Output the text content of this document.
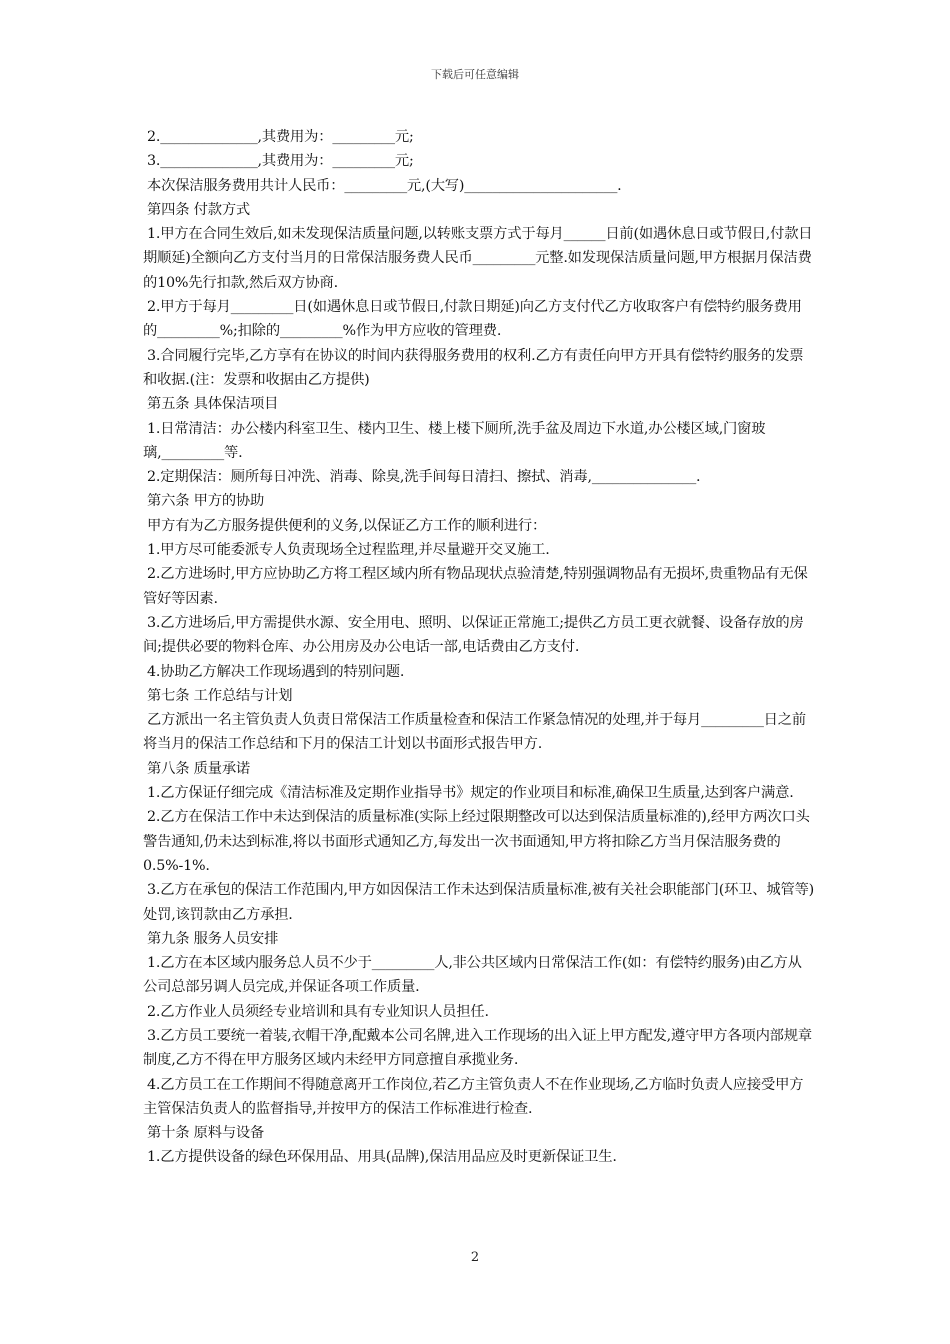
下载后可任意编辑

2.______________,其费用为：_________元;

3.______________,其费用为：_________元;

本次保洁服务费用共计人民币：_________元,(大写)______________________.

第四条 付款方式

1.甲方在合同生效后,如未发现保洁质量问题,以转账支票方式于每月______日前(如遇休息日或节假日,付款日期顺延)全额向乙方支付当月的日常保洁服务费人民币_________元整.如发现保洁质量问题,甲方根据月保洁费的10%先行扣款,然后双方协商.

2.甲方于每月_________日(如遇休息日或节假日,付款日期延)向乙方支付代乙方收取客户有偿特约服务费用的_________%;扣除的_________%作为甲方应收的管理费.

3.合同履行完毕,乙方享有在协议的时间内获得服务费用的权利.乙方有责任向甲方开具有偿特约服务的发票和收据.(注：发票和收据由乙方提供)

第五条 具体保洁项目

1.日常清洁：办公楼内科室卫生、楼内卫生、楼上楼下厕所,洗手盆及周边下水道,办公楼区域,门窗玻璃,_________等.

2.定期保洁：厕所每日冲洗、消毒、除臭,洗手间每日清扫、擦拭、消毒,_______________.

第六条 甲方的协助

甲方有为乙方服务提供便利的义务,以保证乙方工作的顺利进行：

1.甲方尽可能委派专人负责现场全过程监理,并尽量避开交叉施工.

2.乙方进场时,甲方应协助乙方将工程区域内所有物品现状点验清楚,特别强调物品有无损坏,贵重物品有无保管好等因素.

3.乙方进场后,甲方需提供水源、安全用电、照明、以保证正常施工;提供乙方员工更衣就餐、设备存放的房间;提供必要的物料仓库、办公用房及办公电话一部,电话费由乙方支付.

4.协助乙方解决工作现场遇到的特别问题.

第七条 工作总结与计划

乙方派出一名主管负责人负责日常保洁工作质量检查和保洁工作紧急情况的处理,并于每月_________日之前将当月的保洁工作总结和下月的保洁工计划以书面形式报告甲方.

第八条 质量承诺

1.乙方保证仔细完成《清洁标准及定期作业指导书》规定的作业项目和标准,确保卫生质量,达到客户满意.

2.乙方在保洁工作中未达到保洁的质量标准(实际上经过限期整改可以达到保洁质量标准的),经甲方两次口头警告通知,仍未达到标准,将以书面形式通知乙方,每发出一次书面通知,甲方将扣除乙方当月保洁服务费的0.5%-1%.

3.乙方在承包的保洁工作范围内,甲方如因保洁工作未达到保洁质量标准,被有关社会职能部门(环卫、城管等)处罚,该罚款由乙方承担.

第九条 服务人员安排

1.乙方在本区域内服务总人员不少于_________人,非公共区域内日常保洁工作(如：有偿特约服务)由乙方从公司总部另调人员完成,并保证各项工作质量.

2.乙方作业人员须经专业培训和具有专业知识人员担任.

3.乙方员工要统一着装,衣帽干净,配戴本公司名牌,进入工作现场的出入证上甲方配发,遵守甲方各项内部规章制度,乙方不得在甲方服务区域内未经甲方同意擅自承揽业务.

4.乙方员工在工作期间不得随意离开工作岗位,若乙方主管负责人不在作业现场,乙方临时负责人应接受甲方主管保洁负责人的监督指导,并按甲方的保洁工作标准进行检查.

第十条 原料与设备

1.乙方提供设备的绿色环保用品、用具(品牌),保洁用品应及时更新保证卫生.

2
